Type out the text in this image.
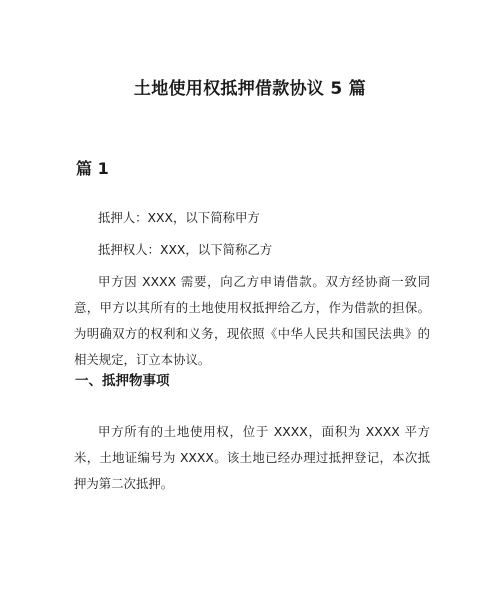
土地使用权抵押借款协议 5 篇
篇 1
抵押人：XXX，以下简称甲方
抵押权人：XXX，以下简称乙方
甲方因 XXXX 需要，向乙方申请借款。双方经协商一致同意，甲方以其所有的土地使用权抵押给乙方，作为借款的担保。为明确双方的权利和义务，现依照《中华人民共和国民法典》的相关规定，订立本协议。
一、抵押物事项
甲方所有的土地使用权，位于 XXXX，面积为 XXXX 平方米，土地证编号为 XXXX。该土地已经办理过抵押登记，本次抵押为第二次抵押。
